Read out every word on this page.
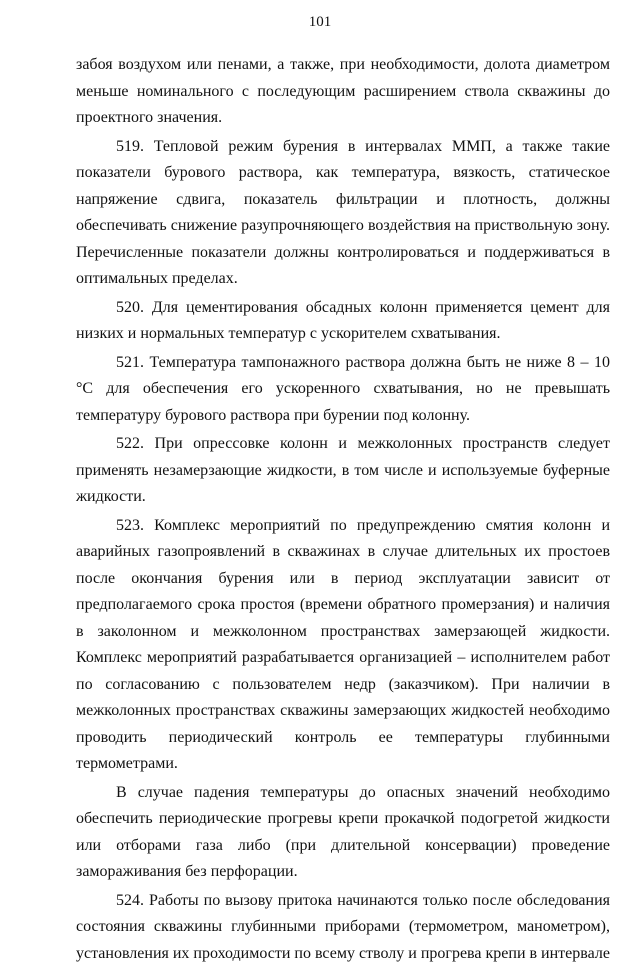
101

забоя воздухом или пенами, а также, при необходимости, долота диаметром меньше номинального с последующим расширением ствола скважины до проектного значения.

519. Тепловой режим бурения в интервалах ММП, а также такие показатели бурового раствора, как температура, вязкость, статическое напряжение сдвига, показатель фильтрации и плотность, должны обеспечивать снижение разупрочняющего воздействия на приствольную зону. Перечисленные показатели должны контролироваться и поддерживаться в оптимальных пределах.

520. Для цементирования обсадных колонн применяется цемент для низких и нормальных температур с ускорителем схватывания.

521. Температура тампонажного раствора должна быть не ниже 8 – 10 °С для обеспечения его ускоренного схватывания, но не превышать температуру бурового раствора при бурении под колонну.

522. При опрессовке колонн и межколонных пространств следует применять незамерзающие жидкости, в том числе и используемые буферные жидкости.

523. Комплекс мероприятий по предупреждению смятия колонн и аварийных газопроявлений в скважинах в случае длительных их простоев после окончания бурения или в период эксплуатации зависит от предполагаемого срока простоя (времени обратного промерзания) и наличия в заколонном и межколонном пространствах замерзающей жидкости. Комплекс мероприятий разрабатывается организацией – исполнителем работ по согласованию с пользователем недр (заказчиком). При наличии в межколонных пространствах скважины замерзающих жидкостей необходимо проводить периодический контроль ее температуры глубинными термометрами.

В случае падения температуры до опасных значений необходимо обеспечить периодические прогревы крепи прокачкой подогретой жидкости или отборами газа либо (при длительной консервации) проведение замораживания без перфорации.

524. Работы по вызову притока начинаются только после обследования состояния скважины глубинными приборами (термометром, манометром), установления их проходимости по всему стволу и прогрева крепи в интервале
